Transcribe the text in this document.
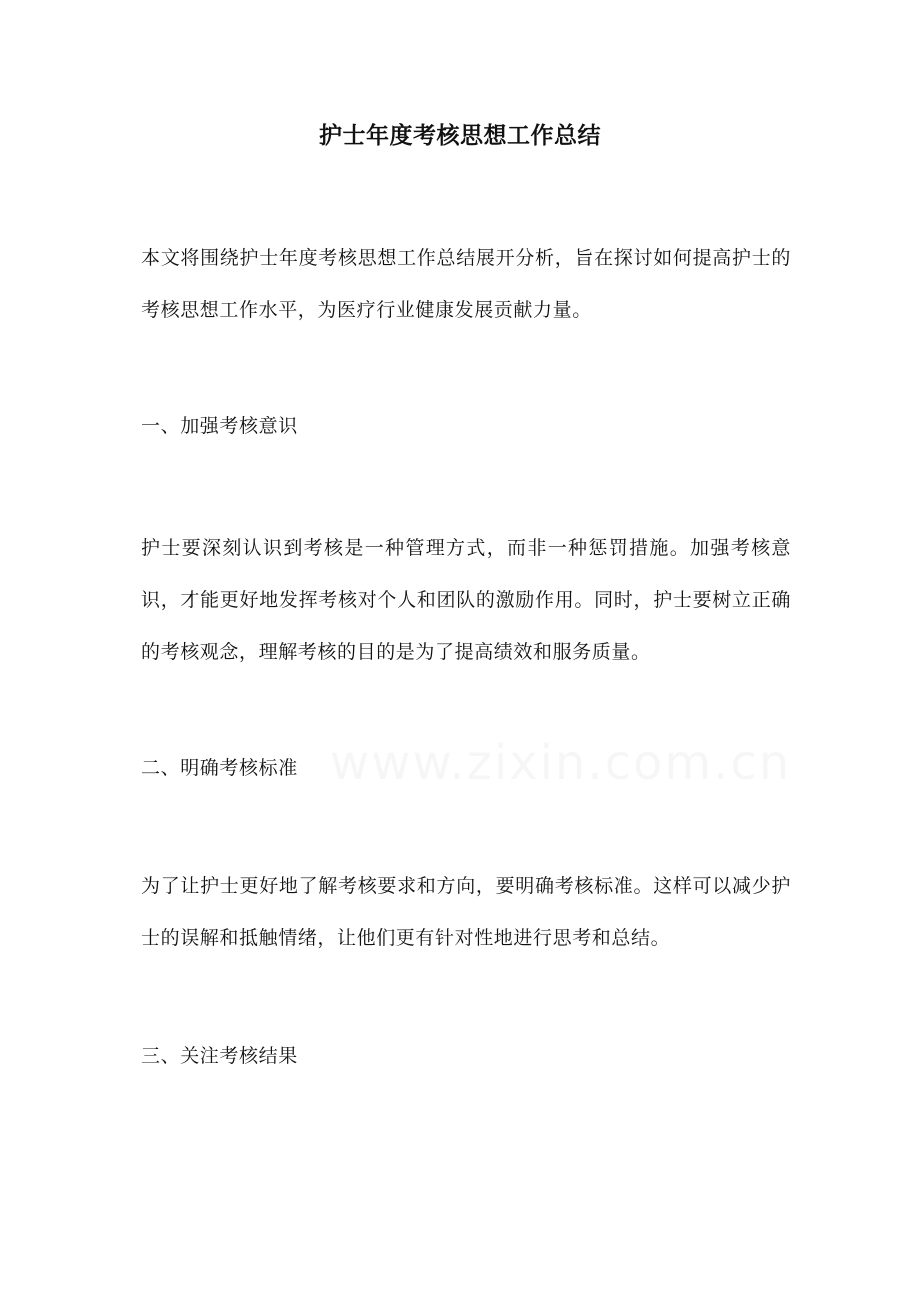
护士年度考核思想工作总结
本文将围绕护士年度考核思想工作总结展开分析，旨在探讨如何提高护士的考核思想工作水平，为医疗行业健康发展贡献力量。
一、加强考核意识
护士要深刻认识到考核是一种管理方式，而非一种惩罚措施。加强考核意识，才能更好地发挥考核对个人和团队的激励作用。同时，护士要树立正确的考核观念，理解考核的目的是为了提高绩效和服务质量。
二、明确考核标准
为了让护士更好地了解考核要求和方向，要明确考核标准。这样可以减少护士的误解和抵触情绪，让他们更有针对性地进行思考和总结。
三、关注考核结果
